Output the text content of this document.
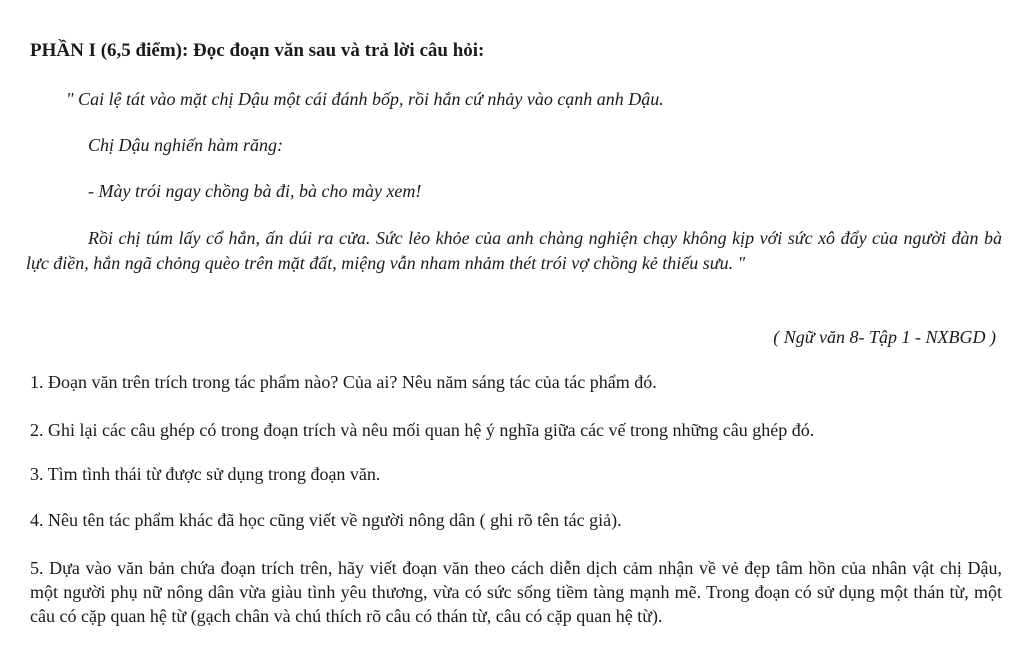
PHẦN I (6,5 điểm): Đọc đoạn văn sau và trả lời câu hỏi:
" Cai lệ tát vào mặt chị Dậu một cái đánh bốp, rồi hắn cứ nhảy vào cạnh anh Dậu.
Chị Dậu nghiến hàm răng:
- Mày trói ngay chồng bà đi, bà cho mày xem!
Rồi chị túm lấy cổ hắn, ấn dúi ra cửa. Sức lẻo khỏe của anh chàng nghiện chạy không kịp với sức xô đẩy của người đàn bà lực điền, hắn ngã chỏng quèo trên mặt đất, miệng vẫn nham nhảm thét trói vợ chồng kẻ thiếu sưu. "
( Ngữ văn 8- Tập 1 - NXBGD )
1. Đoạn văn trên trích trong tác phẩm nào? Của ai? Nêu năm sáng tác của tác phẩm đó.
2. Ghi lại các câu ghép có trong đoạn trích và nêu mối quan hệ ý nghĩa giữa các vế trong những câu ghép đó.
3. Tìm tình thái từ được sử dụng trong đoạn văn.
4. Nêu tên tác phẩm khác đã học cũng viết về người nông dân ( ghi rõ tên tác giả).
5. Dựa vào văn bản chứa đoạn trích trên, hãy viết đoạn văn theo cách diễn dịch cảm nhận về vẻ đẹp tâm hồn của nhân vật chị Dậu, một người phụ nữ nông dân vừa giàu tình yêu thương, vừa có sức sống tiềm tàng mạnh mẽ. Trong đoạn có sử dụng một thán từ, một câu có cặp quan hệ từ (gạch chân và chú thích rõ câu có thán từ, câu có cặp quan hệ từ).
